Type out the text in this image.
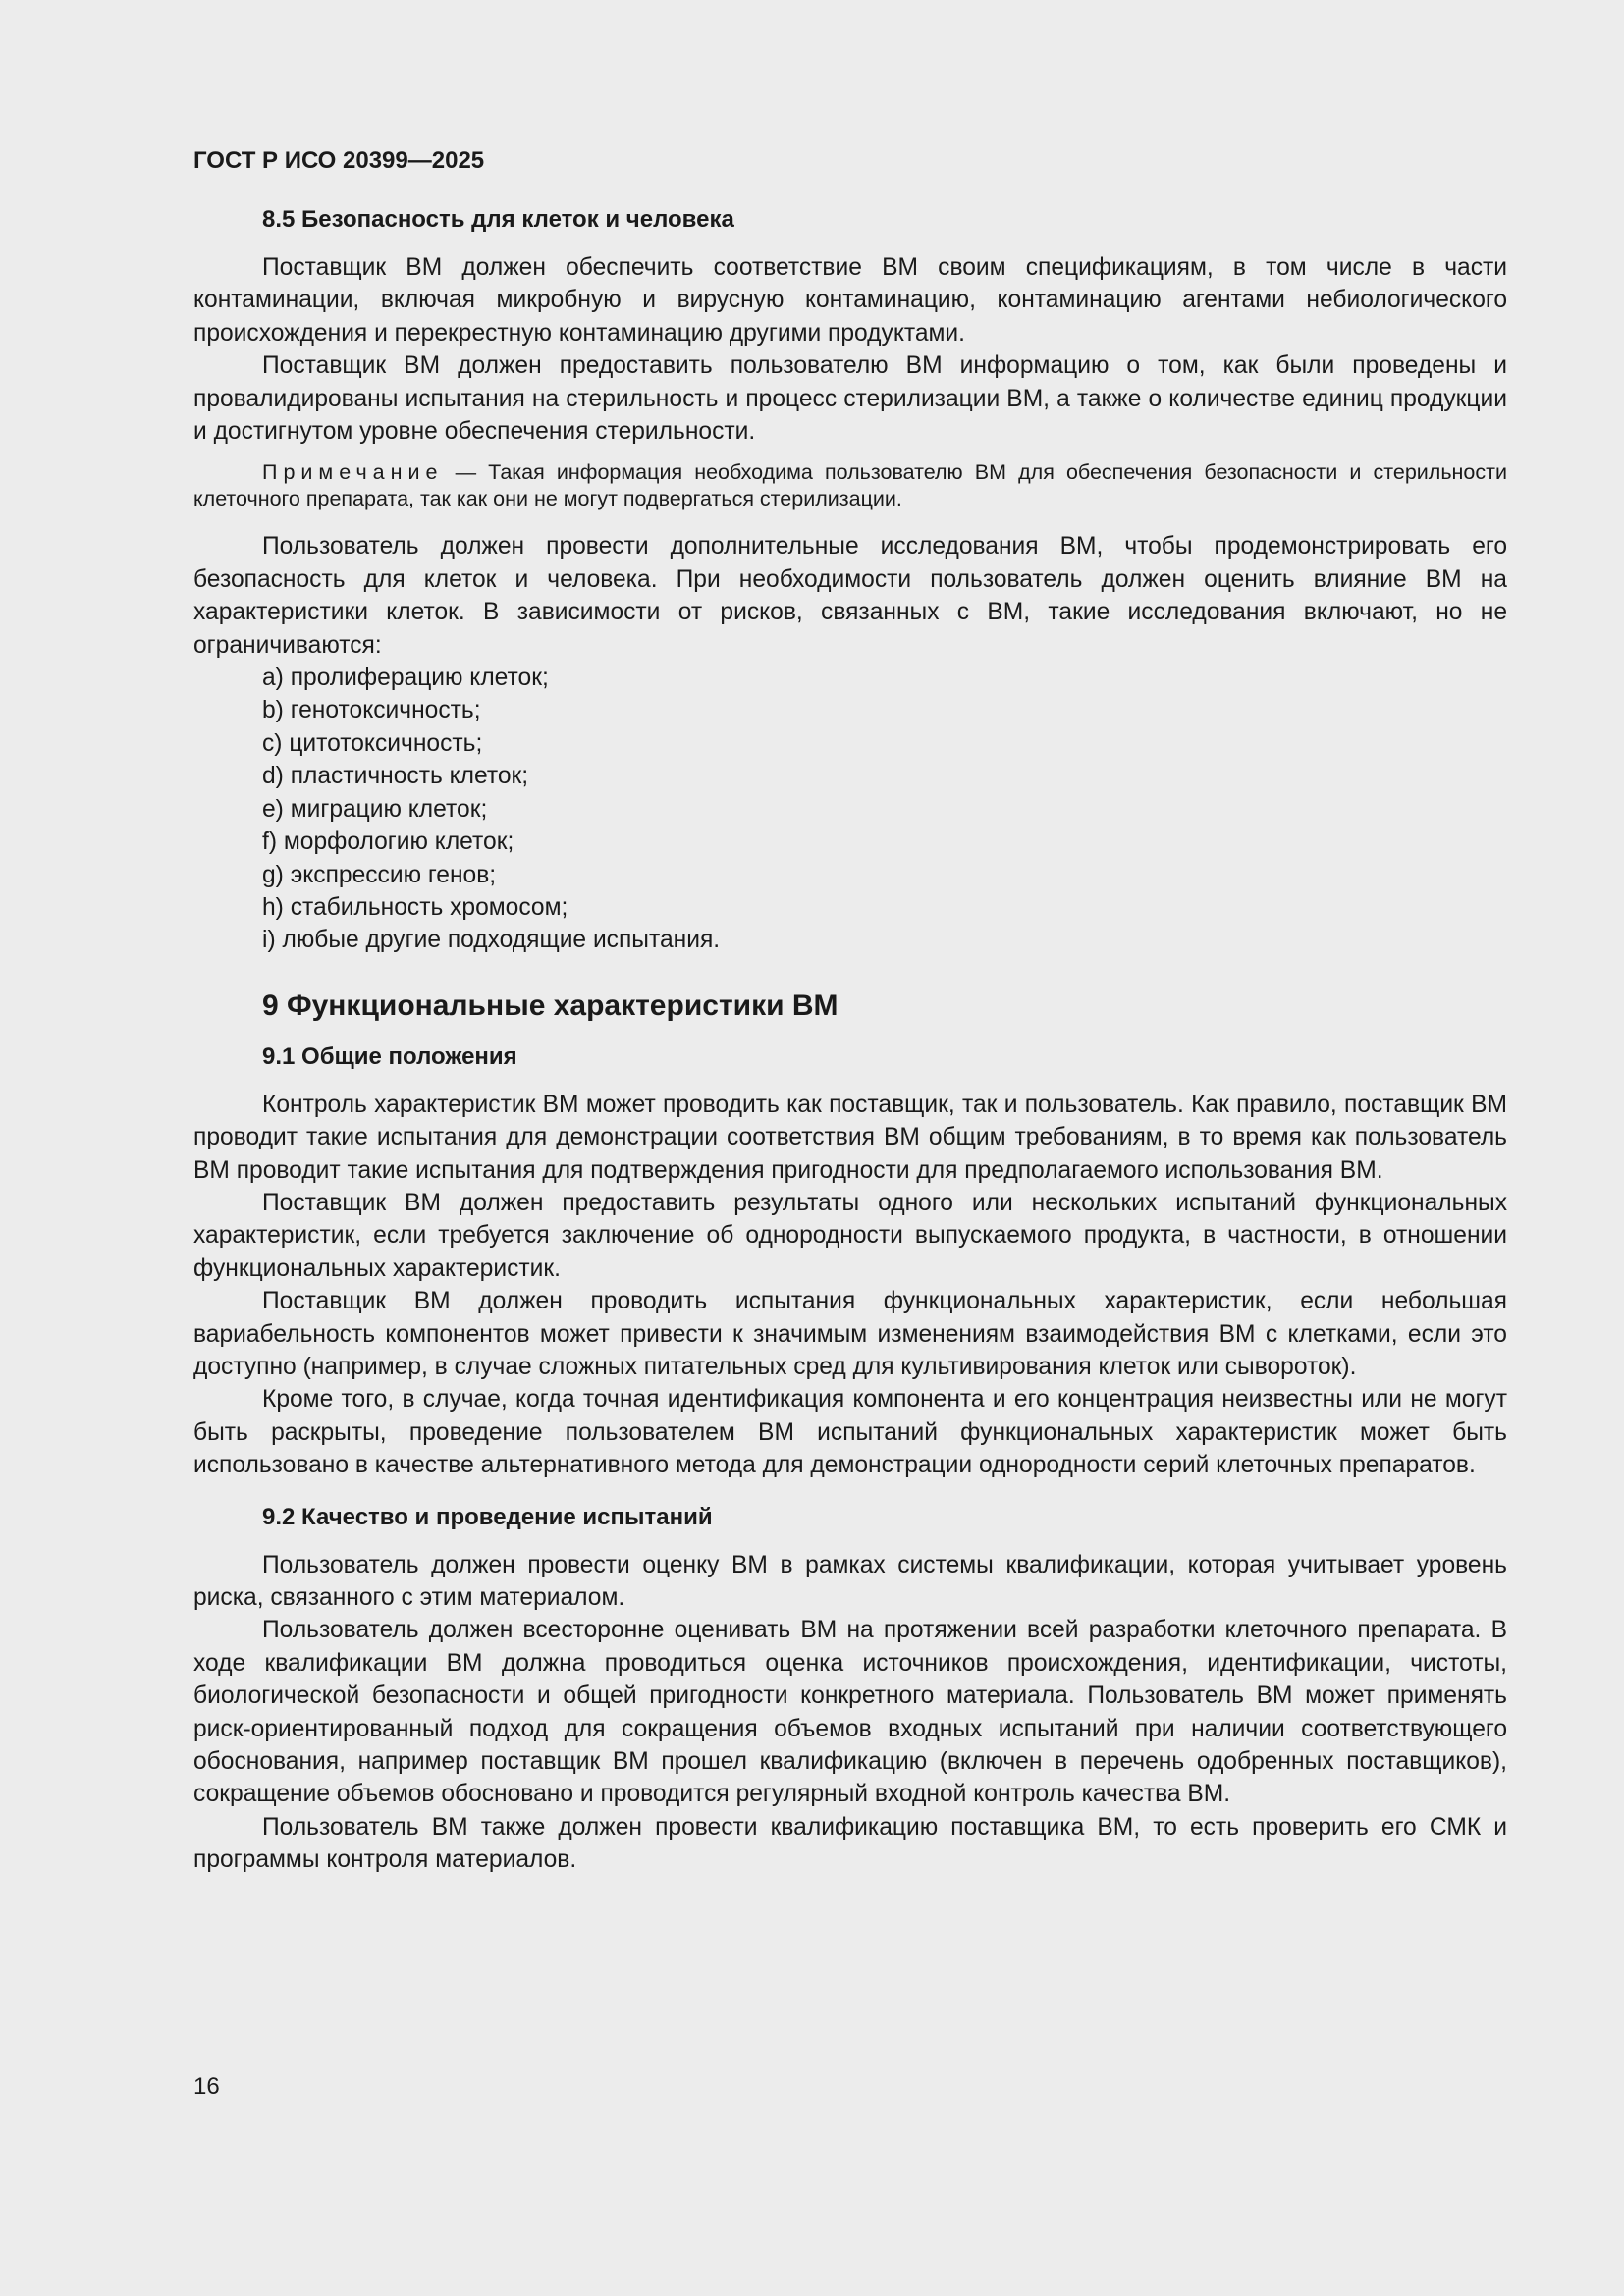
ГОСТ Р ИСО 20399—2025
8.5 Безопасность для клеток и человека

Поставщик ВМ должен обеспечить соответствие ВМ своим спецификациям, в том числе в части контаминации, включая микробную и вирусную контаминацию, контаминацию агентами небиологического происхождения и перекрестную контаминацию другими продуктами.

Поставщик ВМ должен предоставить пользователю ВМ информацию о том, как были проведены и провалидированы испытания на стерильность и процесс стерилизации ВМ, а также о количестве единиц продукции и достигнутом уровне обеспечения стерильности.

Примечание — Такая информация необходима пользователю ВМ для обеспечения безопасности и стерильности клеточного препарата, так как они не могут подвергаться стерилизации.

Пользователь должен провести дополнительные исследования ВМ, чтобы продемонстрировать его безопасность для клеток и человека. При необходимости пользователь должен оценить влияние ВМ на характеристики клеток. В зависимости от рисков, связанных с ВМ, такие исследования включают, но не ограничиваются:

a) пролиферацию клеток;
b) генотоксичность;
c) цитотоксичность;
d) пластичность клеток;
e) миграцию клеток;
f) морфологию клеток;
g) экспрессию генов;
h) стабильность хромосом;
i) любые другие подходящие испытания.
9 Функциональные характеристики ВМ
9.1 Общие положения

Контроль характеристик ВМ может проводить как поставщик, так и пользователь. Как правило, поставщик ВМ проводит такие испытания для демонстрации соответствия ВМ общим требованиям, в то время как пользователь ВМ проводит такие испытания для подтверждения пригодности для предполагаемого использования ВМ.

Поставщик ВМ должен предоставить результаты одного или нескольких испытаний функциональных характеристик, если требуется заключение об однородности выпускаемого продукта, в частности, в отношении функциональных характеристик.

Поставщик ВМ должен проводить испытания функциональных характеристик, если небольшая вариабельность компонентов может привести к значимым изменениям взаимодействия ВМ с клетками, если это доступно (например, в случае сложных питательных сред для культивирования клеток или сывороток).

Кроме того, в случае, когда точная идентификация компонента и его концентрация неизвестны или не могут быть раскрыты, проведение пользователем ВМ испытаний функциональных характеристик может быть использовано в качестве альтернативного метода для демонстрации однородности серий клеточных препаратов.

9.2 Качество и проведение испытаний

Пользователь должен провести оценку ВМ в рамках системы квалификации, которая учитывает уровень риска, связанного с этим материалом.

Пользователь должен всесторонне оценивать ВМ на протяжении всей разработки клеточного препарата. В ходе квалификации ВМ должна проводиться оценка источников происхождения, идентификации, чистоты, биологической безопасности и общей пригодности конкретного материала. Пользователь ВМ может применять риск-ориентированный подход для сокращения объемов входных испытаний при наличии соответствующего обоснования, например поставщик ВМ прошел квалификацию (включен в перечень одобренных поставщиков), сокращение объемов обосновано и проводится регулярный входной контроль качества ВМ.

Пользователь ВМ также должен провести квалификацию поставщика ВМ, то есть проверить его СМК и программы контроля материалов.

16
